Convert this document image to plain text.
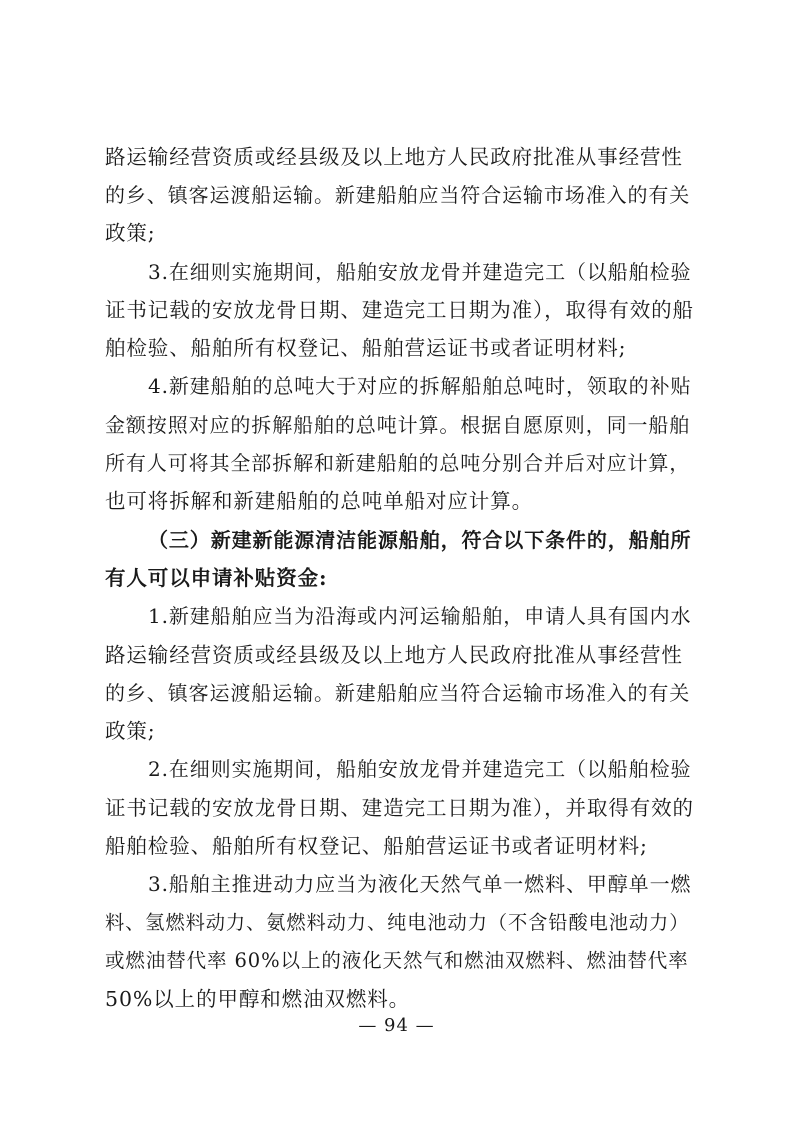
路运输经营资质或经县级及以上地方人民政府批准从事经营性
的乡、镇客运渡船运输。新建船舶应当符合运输市场准入的有关
政策;
3.在细则实施期间，船舶安放龙骨并建造完工（以船舶检验
证书记载的安放龙骨日期、建造完工日期为准），取得有效的船
舶检验、船舶所有权登记、船舶营运证书或者证明材料;
4.新建船舶的总吨大于对应的拆解船舶总吨时，领取的补贴
金额按照对应的拆解船舶的总吨计算。根据自愿原则，同一船舶
所有人可将其全部拆解和新建船舶的总吨分别合并后对应计算，
也可将拆解和新建船舶的总吨单船对应计算。
（三）新建新能源清洁能源船舶，符合以下条件的，船舶所
有人可以申请补贴资金:
1.新建船舶应当为沿海或内河运输船舶，申请人具有国内水
路运输经营资质或经县级及以上地方人民政府批准从事经营性
的乡、镇客运渡船运输。新建船舶应当符合运输市场准入的有关
政策;
2.在细则实施期间，船舶安放龙骨并建造完工（以船舶检验
证书记载的安放龙骨日期、建造完工日期为准），并取得有效的
船舶检验、船舶所有权登记、船舶营运证书或者证明材料;
3.船舶主推进动力应当为液化天然气单一燃料、甲醇单一燃
料、氢燃料动力、氨燃料动力、纯电池动力（不含铅酸电池动力）
或燃油替代率 60%以上的液化天然气和燃油双燃料、燃油替代率
50%以上的甲醇和燃油双燃料。
— 94 —
